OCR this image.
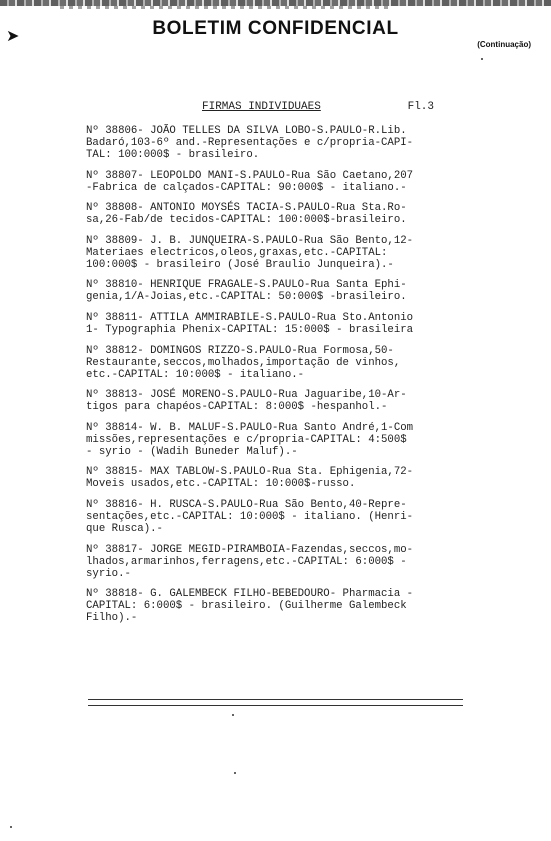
➤	BOLETIM CONFIDENCIAL
(Continuação)
FIRMAS INDIVIDUAES	Fl.3
Nº 38806- JOÃO TELLES DA SILVA LOBO-S.PAULO-R.Lib.
Badaró,103-6º and.-Representações e c/propria-CAPI-
TAL: 100:000$ - brasileiro.
Nº 38807- LEOPOLDO MANI-S.PAULO-Rua São Caetano,207
-Fabrica de calçados-CAPITAL: 90:000$ - italiano.-
Nº 38808- ANTONIO MOYSÉS TACIA-S.PAULO-Rua Sta.Ro-
sa,26-Fab/de tecidos-CAPITAL: 100:000$-brasileiro.
Nº 38809- J. B. JUNQUEIRA-S.PAULO-Rua São Bento,12-
Materiaes electricos,oleos,graxas,etc.-CAPITAL:
100:000$ - brasileiro (José Braulio Junqueira).-
Nº 38810- HENRIQUE FRAGALE-S.PAULO-Rua Santa Ephi-
genia,1/A-Joias,etc.-CAPITAL: 50:000$ -brasileiro.
Nº 38811- ATTILA AMMIRABILE-S.PAULO-Rua Sto.Antonio
1- Typographia Phenix-CAPITAL: 15:000$ - brasileira
Nº 38812- DOMINGOS RIZZO-S.PAULO-Rua Formosa,50-
Restaurante,seccos,molhados,importação de vinhos,
etc.-CAPITAL: 10:000$ - italiano.-
Nº 38813- JOSÉ MORENO-S.PAULO-Rua Jaguaribe,10-Ar-
tigos para chapéos-CAPITAL: 8:000$ -hespanhol.-
Nº 38814- W. B. MALUF-S.PAULO-Rua Santo André,1-Com
missões,representações e c/propria-CAPITAL: 4:500$
- syrio - (Wadih Buneder Maluf).-
Nº 38815- MAX TABLOW-S.PAULO-Rua Sta. Ephigenia,72-
Moveis usados,etc.-CAPITAL: 10:000$-russo.
Nº 38816- H. RUSCA-S.PAULO-Rua São Bento,40-Repre-
sentações,etc.-CAPITAL: 10:000$ - italiano. (Henri-
que Rusca).-
Nº 38817- JORGE MEGID-PIRAMBOIA-Fazendas,seccos,mo-
lhados,armarinhos,ferragens,etc.-CAPITAL: 6:000$ -
syrio.-
Nº 38818- G. GALEMBECK FILHO-BEBEDOURO- Pharmacia -
CAPITAL: 6:000$ - brasileiro. (Guilherme Galembeck
Filho).-
